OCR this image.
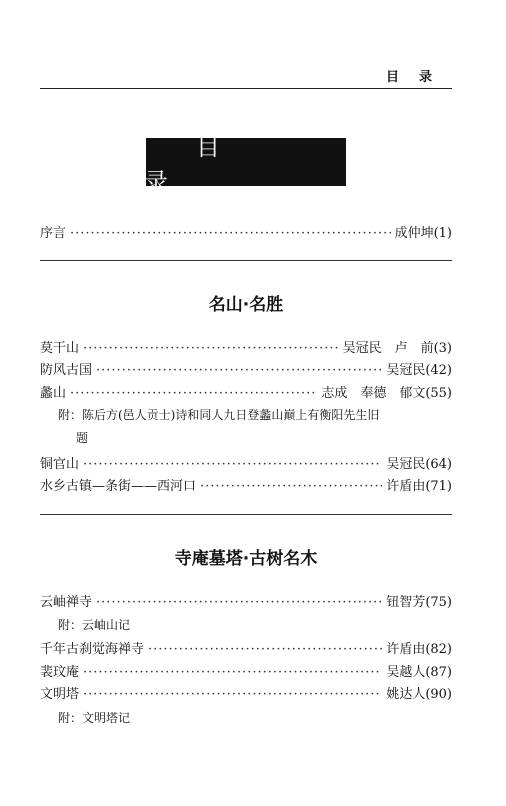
目录
目　录
序言 ·····	成仲坤(1)
名山·名胜
莫干山 ·····	吴冠民　卢　前(3)
防风古国 ·····	吴冠民(42)
蠡山 ·····	志成　奉德　郁文(55)
附：陈后方(邑人贡士)诗和同人九日登蠡山巅上有衡阳先生旧
题
铜官山 ·····	吴冠民(64)
水乡古镇—条街——西河口 ·····	许盾由(71)
寺庵墓塔·古树名木
云岫禅寺 ·····	钮智芳(75)
附：云岫山记
千年古刹觉海禅寺 ·····	许盾由(82)
裴玟庵 ·····	吴越人(87)
文明塔 ·····	姚达人(90)
附：文明塔记
